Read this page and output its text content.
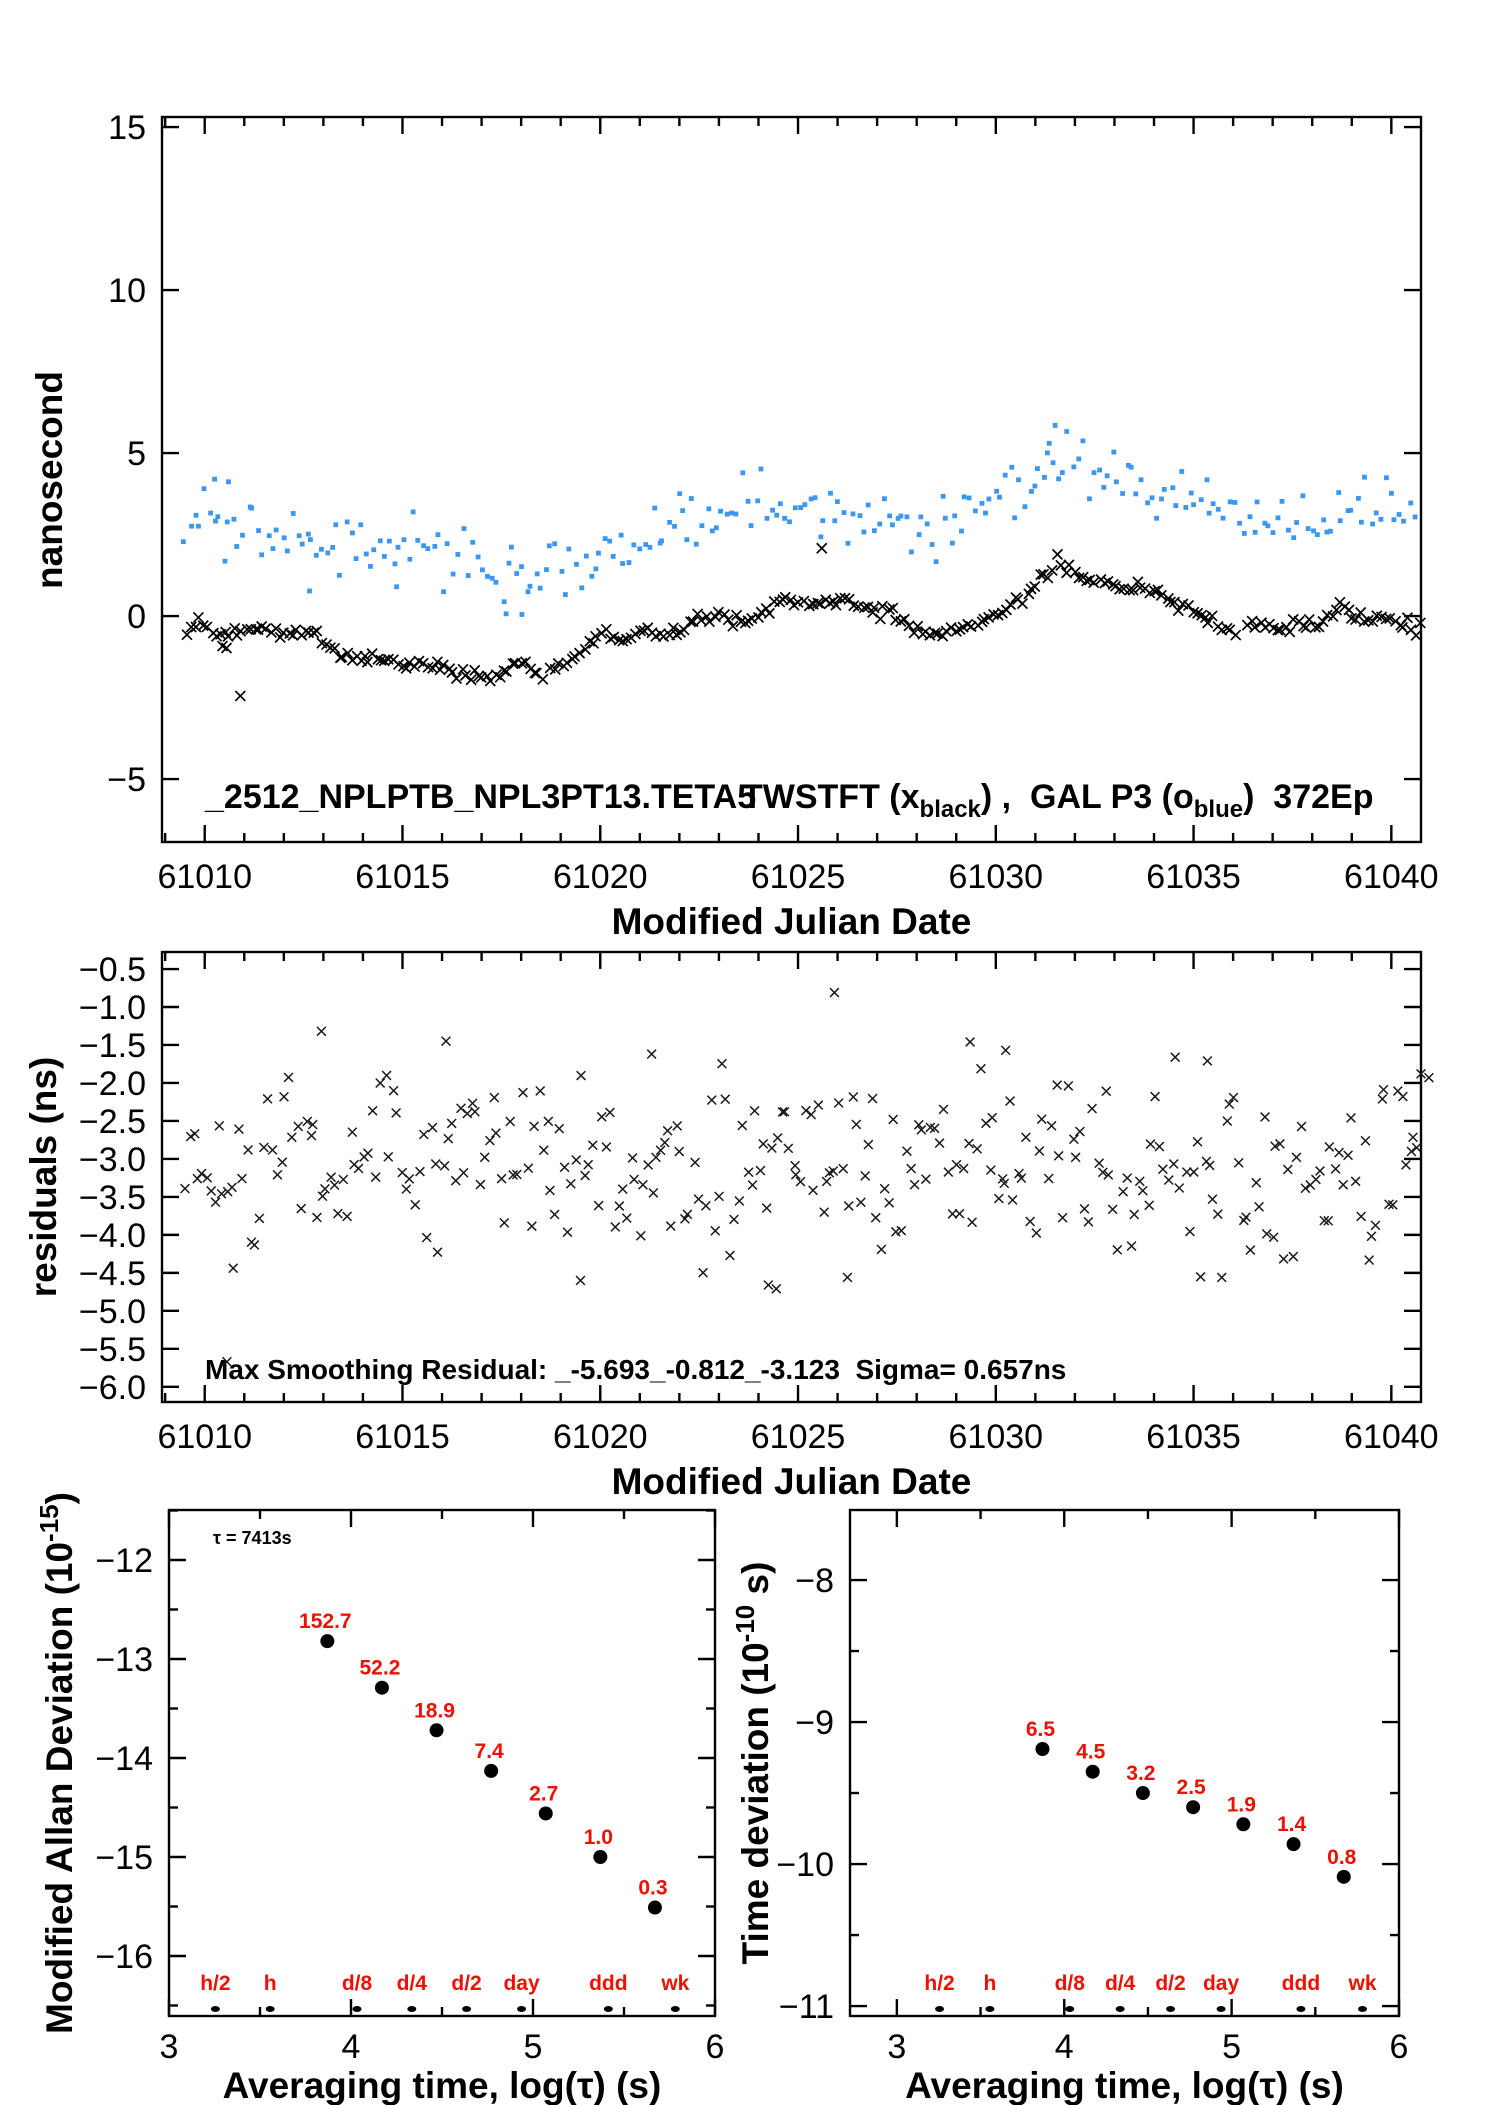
61010	61015	61020	61025	61030	61035	61040
15
10
5
0
−5
nanosecond
Modified Julian Date
_2512_NPLPTB_NPL3PT13.TETA5
TWSTFT $(x_{black})$ ,  GAL P3 $(o_{blue})$  372Ep
61010	61015	61020	61025	61030	61035	61040
−0.5
−1.0
−1.5
−2.0
−2.5
−3.0
−3.5
−4.0
−4.5
−5.0
−5.5
−6.0
residuals (ns)
Modified Julian Date
Max Smoothing Residual: _-5.693_-0.812_-3.123  Sigma= 0.657ns
3	4	5	6
−12
−13
−14
−15
−16
Modified Allan Deviation $(10^{-15})$
Averaging time, log(τ) (s)
τ = 7413s
152.7
52.2
18.9
7.4
2.7
1.0
0.3
h/2 h	d/8 d/4 d/2 day ddd wk
3	4	5	6
−8
−9
−10
−11
Time deviation ($10^{-10}$ s)
Averaging time, log(τ) (s)
6.5
4.5
3.2
2.5
1.9
1.4
0.8
h/2 h	d/8 d/4 d/2 day ddd wk
